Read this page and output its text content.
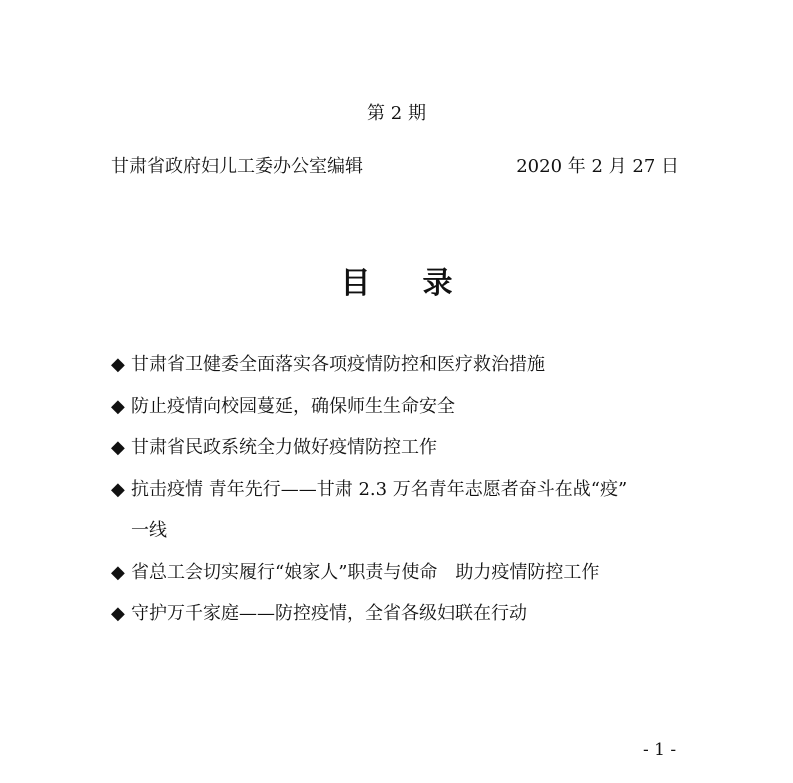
第 2 期
甘肃省政府妇儿工委办公室编辑	2020 年 2 月 27 日
目录
◆ 甘肃省卫健委全面落实各项疫情防控和医疗救治措施
◆ 防止疫情向校园蔓延，确保师生生命安全
◆ 甘肃省民政系统全力做好疫情防控工作
◆ 抗击疫情 青年先行——甘肃 2.3 万名青年志愿者奋斗在战“疫”
一线
◆ 省总工会切实履行“娘家人”职责与使命　助力疫情防控工作
◆ 守护万千家庭——防控疫情，全省各级妇联在行动
- 1 -
